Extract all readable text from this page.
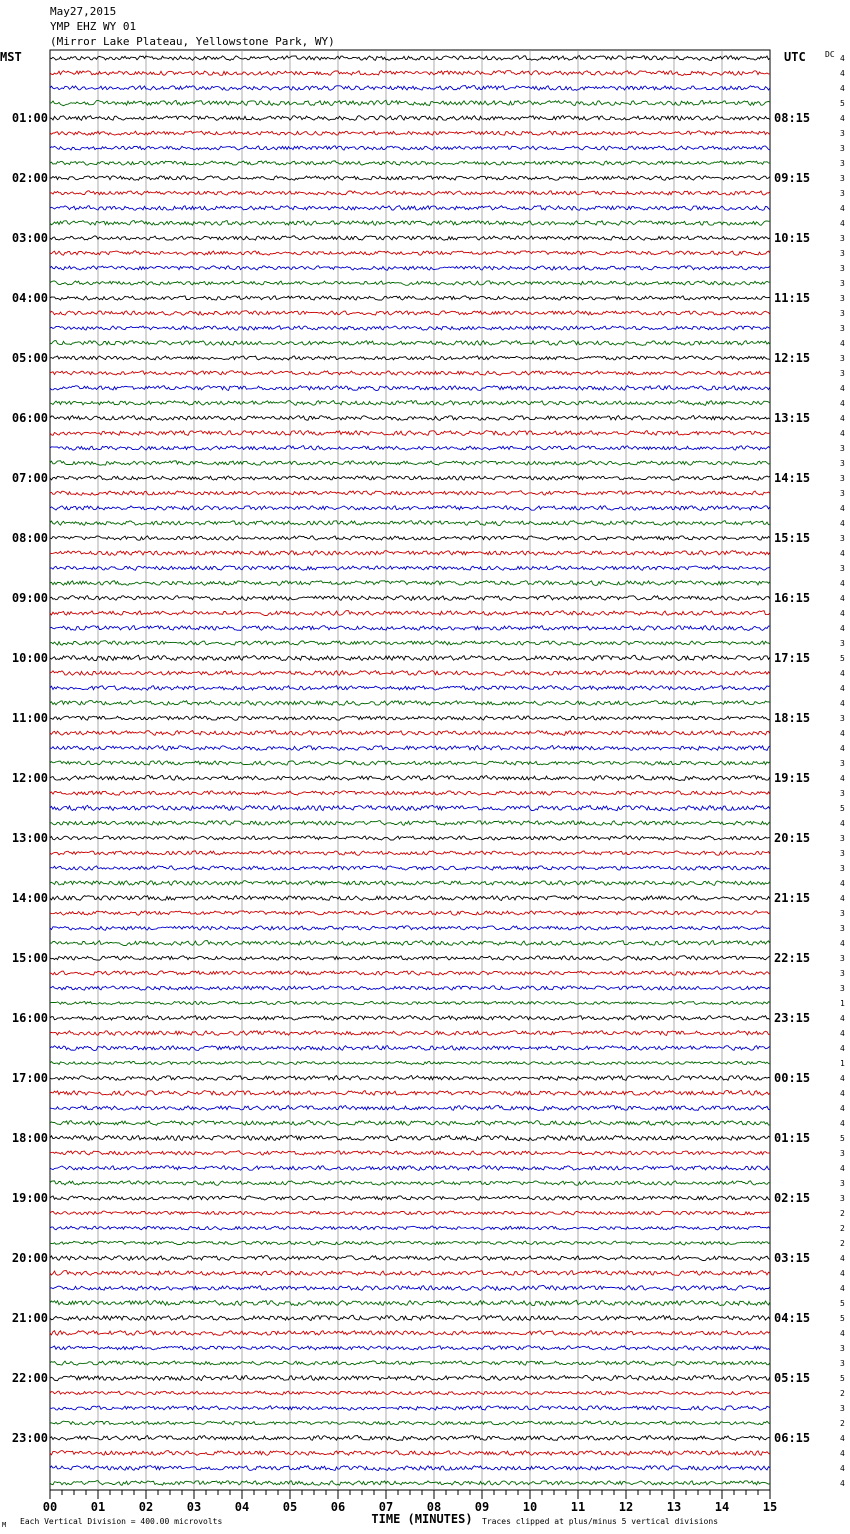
May27,2015
YMP EHZ WY 01
(Mirror Lake Plateau, Yellowstone Park, WY)
00	01	02	03	04	05	06	07	08	09	10	11	12	13	14	15
01:00
02:00
03:00
04:00
05:00
06:00
07:00
08:00
09:00
10:00
11:00
12:00
13:00
14:00
15:00
16:00
17:00
18:00
19:00
20:00
21:00
22:00
23:00
08:15
09:15
10:15
11:15
12:15
13:15
14:15
15:15
16:15
17:15
18:15
19:15
20:15
21:15
22:15
23:15
00:15
01:15
02:15
03:15
04:15
05:15
06:15
MST	UTC DC 4
4
4
5
4
3
3
3
3
3
4
4
3
3
3
3
3
3
3
4
3
3
4
4
4
4
3
3
3
3
4
4
3
4
3
4
4
4
4
3
5
4
4
4
3
4
4
3
4
3
5
4
3
3
3
4
4
3
3
4
3
3
3
1
4
4
4
1
4
4
4
4
5
3
4
3
3
2
2
2
4
4
4
5
5
4
3
3
5
2
3
2
4
4
4
4
M Each Vertical Division = 400.00 microvolts	TIME (MINUTES) Traces clipped at plus/minus 5 vertical divisions
